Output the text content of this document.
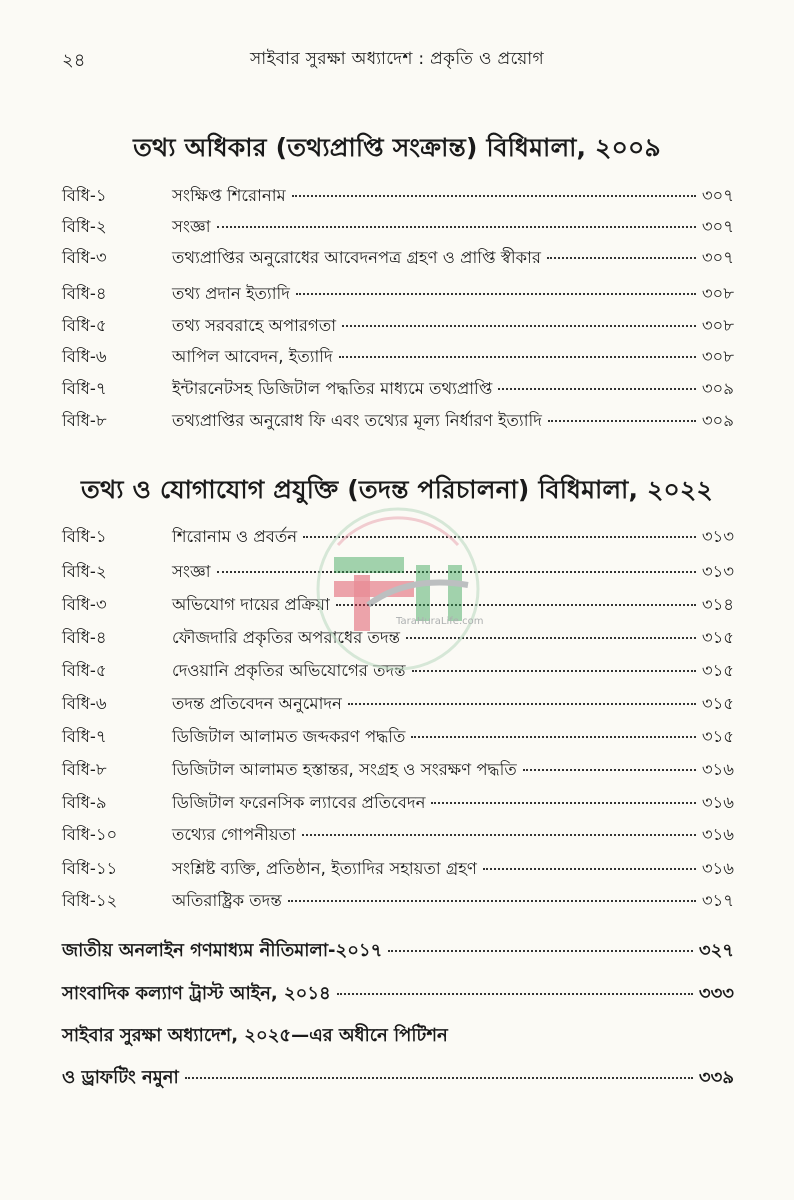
২৪	সাইবার সুরক্ষা অধ্যাদেশ : প্রকৃতি ও প্রয়োগ
তথ্য অধিকার (তথ্যপ্রাপ্তি সংক্রান্ত) বিধিমালা, ২০০৯
বিধি-১	সংক্ষিপ্ত শিরোনাম	৩০৭
বিধি-২	সংজ্ঞা	৩০৭
বিধি-৩	তথ্যপ্রাপ্তির অনুরোধের আবেদনপত্র গ্রহণ ও প্রাপ্তি স্বীকার	৩০৭
বিধি-৪	তথ্য প্রদান ইত্যাদি	৩০৮
বিধি-৫	তথ্য সরবরাহে অপারগতা	৩০৮
বিধি-৬	আপিল আবেদন, ইত্যাদি	৩০৮
বিধি-৭	ইন্টারনেটসহ ডিজিটাল পদ্ধতির মাধ্যমে তথ্যপ্রাপ্তি	৩০৯
বিধি-৮	তথ্যপ্রাপ্তির অনুরোধ ফি এবং তথ্যের মূল্য নির্ধারণ ইত্যাদি	৩০৯
তথ্য ও যোগাযোগ প্রযুক্তি (তদন্ত পরিচালনা) বিধিমালা, ২০২২
বিধি-১	শিরোনাম ও প্রবর্তন	৩১৩
বিধি-২	সংজ্ঞা	৩১৩
বিধি-৩	অভিযোগ দায়ের প্রক্রিয়া	৩১৪
বিধি-৪	ফৌজদারি প্রকৃতির অপরাধের তদন্ত	৩১৫
বিধি-৫	দেওয়ানি প্রকৃতির অভিযোগের তদন্ত	৩১৫
বিধি-৬	তদন্ত প্রতিবেদন অনুমোদন	৩১৫
বিধি-৭	ডিজিটাল আলামত জব্দকরণ পদ্ধতি	৩১৫
বিধি-৮	ডিজিটাল আলামত হস্তান্তর, সংগ্রহ ও সংরক্ষণ পদ্ধতি	৩১৬
বিধি-৯	ডিজিটাল ফরেনসিক ল্যাবের প্রতিবেদন	৩১৬
বিধি-১০	তথ্যের গোপনীয়তা	৩১৬
বিধি-১১	সংশ্লিষ্ট ব্যক্তি, প্রতিষ্ঠান, ইত্যাদির সহায়তা গ্রহণ	৩১৬
বিধি-১২	অতিরাষ্ট্রিক তদন্ত	৩১৭
জাতীয় অনলাইন গণমাধ্যম নীতিমালা-২০১৭	৩২৭
সাংবাদিক কল্যাণ ট্রাস্ট আইন, ২০১৪	৩৩৩
সাইবার সুরক্ষা অধ্যাদেশ, ২০২৫—এর অধীনে পিটিশন
ও ড্রাফটিং নমুনা	৩৩৯
TaraHuraLife.com
